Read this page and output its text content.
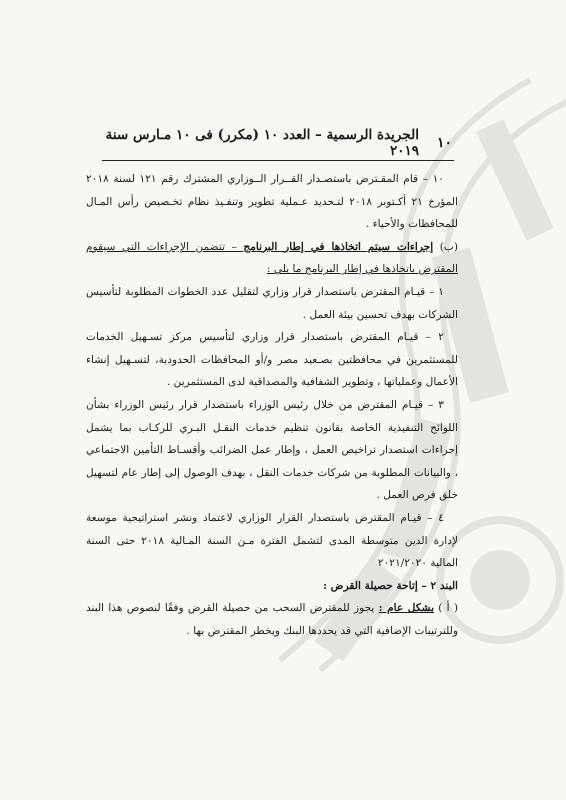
١٠
الجريدة الرسمية – العدد ١٠ (مكرر) فى ١٠ مـارس سنة ٢٠١٩

١٠ – قام المقـترض باستصـدار القــرار الــوزاري المشترك رقم ١٢١ لسنة ٢٠١٨ المؤرخ ٢١ أكـتوبر ٢٠١٨ لتـحديد عـملية تطوير وتنفـيذ نظام تخـصيص رأس المـال للمحافظات والأحياء .

(ب) إجراءات سيتم اتخاذها في إطار البرنامج – تتضمن الإجراءات التي سيقوم المقترض باتخاذها في إطار البرنامج ما يلي :

١ – قيـام المقترض باستصدار قرار وزاري لتقليل عدد الخطوات المطلوبة لتأسيس الشركات بهدف تحسين بيئة العمل .

٢ – قيـام المقترض باستصدار قرار وزاري لتأسيس مركز تسـهيل الخدمات للمستثمرين في محافظتين بصـعيد مصر و/أو المحافظات الحدودية، لتسـهيل إنشاء الأعمال وعملياتها ، وتطوير الشفافية والمصداقية لدى المستثمرين .

٣ – قيـام المقترض من خلال رئيس الوزراء باستصدار قرار رئيس الوزراء بشأن اللوائح التنفيذية الخاصة بقانون تنظيم خدمات النقـل البـري للركـاب بما يشمل إجراءات استصدار تراخيص العمل ، وإطار عمل الضرائب وأقسـاط التأمين الاجتماعي ، والبيانات المطلوبة من شركات خدمات النقل ، بهدف الوصول إلى إطار عام لتسهيل خلق فرص العمل .

٤ – قيـام المقترض باستصدار القرار الوزاري لاعتماد ونشر استراتيجية موسعة لإدارة الدين متوسطة المدى لتشمل الفترة مـن السنة المـالية ٢٠١٨ حتى السنة المالية ٢٠٢١/٢٠٢٠

البند ٢ – إتاحة حصيلة القرض :

( أ ) بشكل عام : يجوز للمقترض السحب من حصيلة القرض وفقًا لنصوص هذا البند وللترتيبات الإضافية التي قد يحددها البنك ويخطر المقترض بها .
